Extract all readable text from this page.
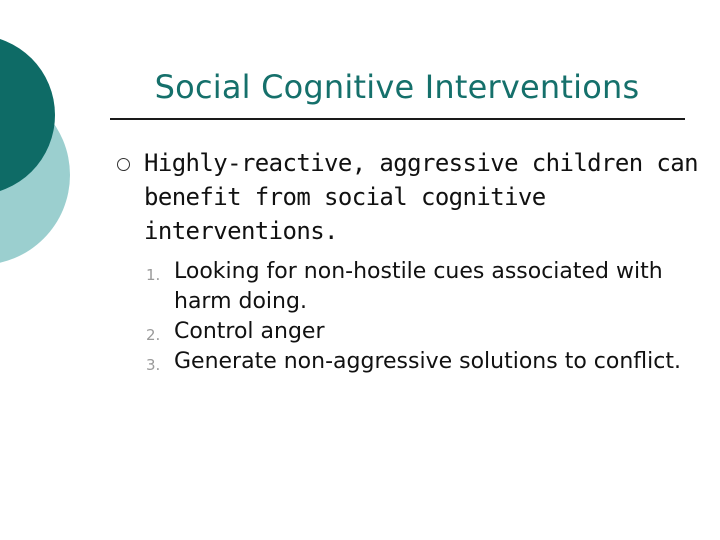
Social Cognitive Interventions
Highly-reactive, aggressive children can benefit from social cognitive interventions.
1. Looking for non-hostile cues associated with harm doing.
2. Control anger
3. Generate non-aggressive solutions to conflict.
